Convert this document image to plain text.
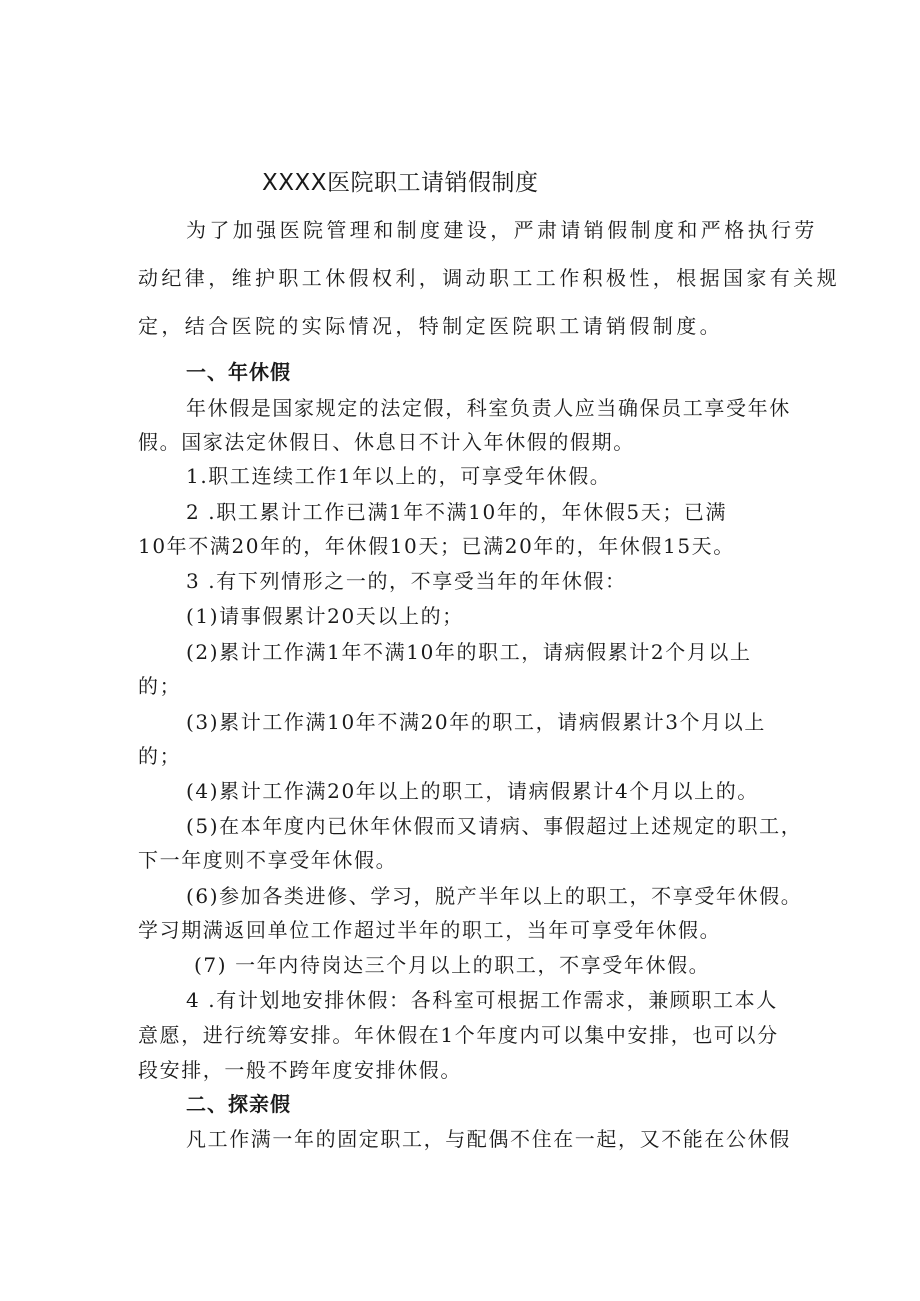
XXXX医院职工请销假制度
为了加强医院管理和制度建设，严肃请销假制度和严格执行劳
动纪律，维护职工休假权利，调动职工工作积极性，根据国家有关规
定，结合医院的实际情况，特制定医院职工请销假制度。
一、年休假
年休假是国家规定的法定假，科室负责人应当确保员工享受年休
假。国家法定休假日、休息日不计入年休假的假期。
1.职工连续工作1年以上的，可享受年休假。
2 .职工累计工作已满1年不满10年的，年休假5天；已满
10年不满20年的，年休假10天；已满20年的，年休假15天。
3 .有下列情形之一的，不享受当年的年休假：
(1)请事假累计20天以上的；
(2)累计工作满1年不满10年的职工，请病假累计2个月以上
的；
(3)累计工作满10年不满20年的职工，请病假累计3个月以上
的；
(4)累计工作满20年以上的职工，请病假累计4个月以上的。
(5)在本年度内已休年休假而又请病、事假超过上述规定的职工，
下一年度则不享受年休假。
(6)参加各类进修、学习，脱产半年以上的职工，不享受年休假。
学习期满返回单位工作超过半年的职工，当年可享受年休假。
(7) 一年内待岗达三个月以上的职工，不享受年休假。
4 .有计划地安排休假：各科室可根据工作需求，兼顾职工本人
意愿，进行统筹安排。年休假在1个年度内可以集中安排，也可以分
段安排，一般不跨年度安排休假。
二、探亲假
凡工作满一年的固定职工，与配偶不住在一起，又不能在公休假
